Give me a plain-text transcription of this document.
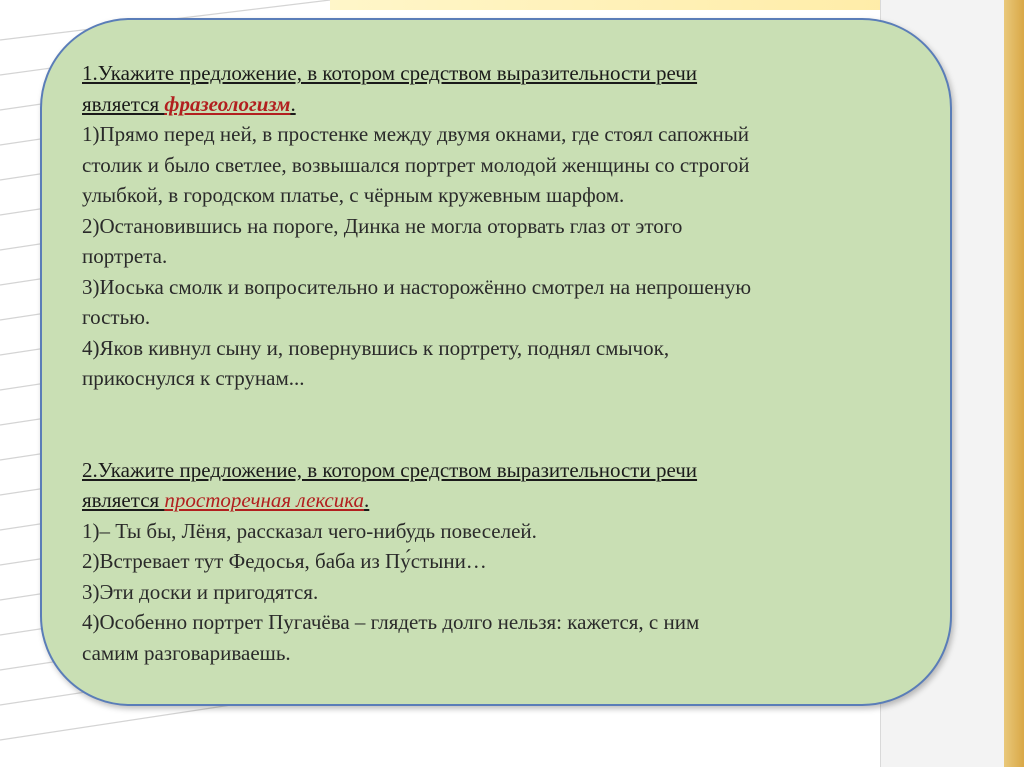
1.Укажите предложение, в котором средством выразительности речи

является фразеологизм.

1)Прямо перед ней, в простенке между двумя окнами, где стоял сапожный

столик и было светлее, возвышался портрет молодой женщины со строгой

улыбкой, в городском платье, с чёрным кружевным шарфом.

2)Остановившись на пороге, Динка не могла оторвать глаз от этого

портрета.

3)Иоська смолк и вопросительно и насторожённо смотрел на непрошеную

гостью.

4)Яков кивнул сыну и, повернувшись к портрету, поднял смычок,

прикоснулся к струнам...

2.Укажите предложение, в котором средством выразительности речи

является просторечная лексика.

1)– Ты бы, Лёня, рассказал чего-нибудь повеселей.

2)Встревает тут Федосья, баба из Пу́стыни…

3)Эти доски и пригодятся.

4)Особенно портрет Пугачёва – глядеть долго нельзя: кажется, с ним

самим разговариваешь.
